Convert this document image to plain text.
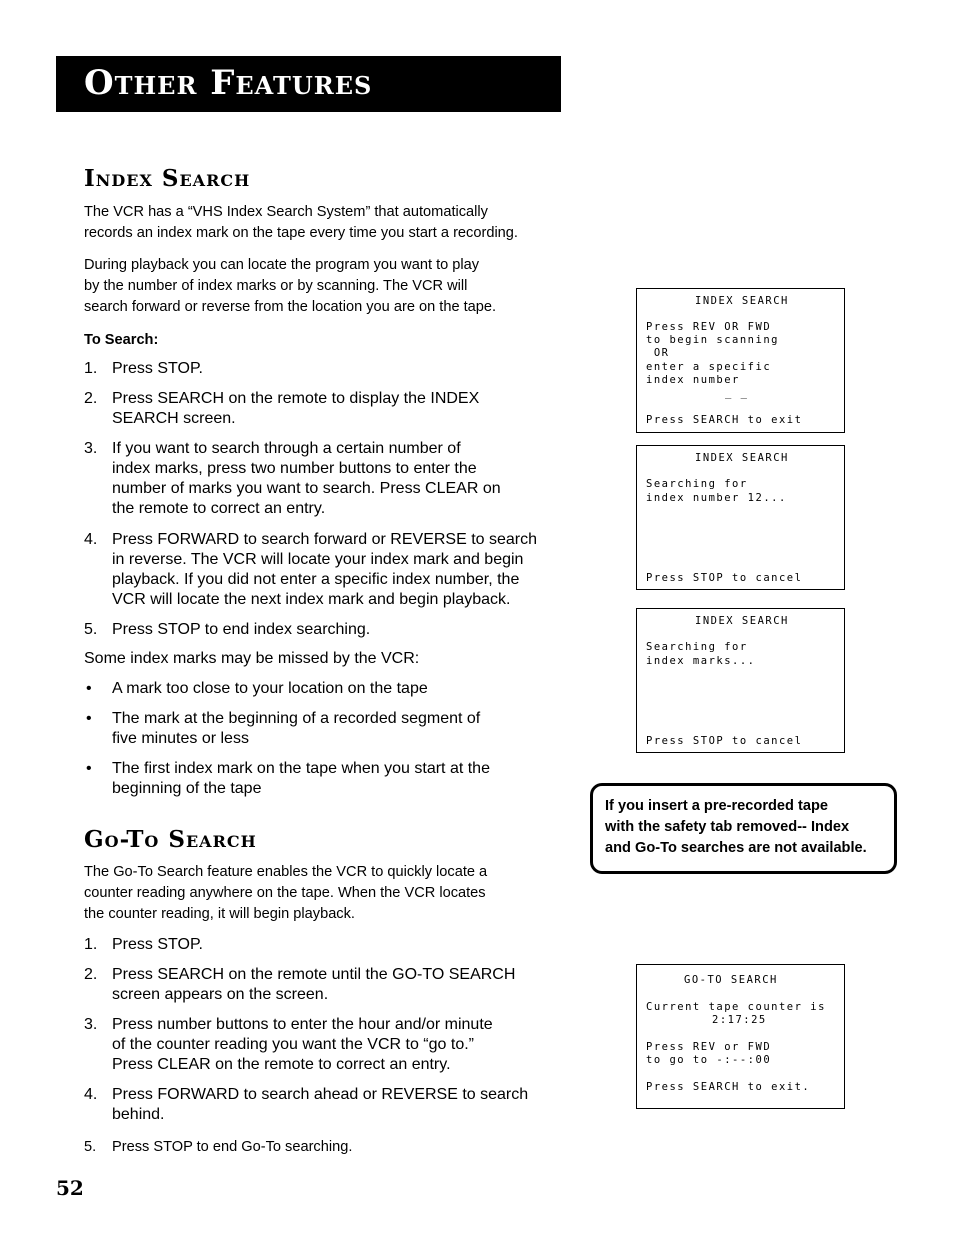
Other Features
Index Search
The VCR has a “VHS Index Search System” that automatically
records an index mark on the tape every time you start a recording.
During playback you can locate the program you want to play
by the number of index marks or by scanning. The VCR will
search forward or reverse from the location you are on the tape.
To Search:
1. Press STOP.
2. Press SEARCH on the remote to display the INDEX
SEARCH screen.
3. If you want to search through a certain number of
index marks, press two number buttons to enter the
number of marks you want to search. Press CLEAR on
the remote to correct an entry.
4. Press FORWARD to search forward or REVERSE to search
in reverse. The VCR will locate your index mark and begin
playback. If you did not enter a specific index number, the
VCR will locate the next index mark and begin playback.
5. Press STOP to end index searching.
Some index marks may be missed by the VCR:
• A mark too close to your location on the tape
• The mark at the beginning of a recorded segment of
five minutes or less
• The first index mark on the tape when you start at the
beginning of the tape
Go-To Search
The Go-To Search feature enables the VCR to quickly locate a
counter reading anywhere on the tape. When the VCR locates
the counter reading, it will begin playback.
1. Press STOP.
2. Press SEARCH on the remote until the GO-TO SEARCH
screen appears on the screen.
3. Press number buttons to enter the hour and/or minute
of the counter reading you want the VCR to “go to.”
Press CLEAR on the remote to correct an entry.
4. Press FORWARD to search ahead or REVERSE to search
behind.
5. Press STOP to end Go-To searching.

INDEX SEARCH

Press REV OR FWD

to begin scanning

OR

enter a specific

index number

_ _

Press SEARCH to exit

INDEX SEARCH

Searching for

index number 12...

Press STOP to cancel

INDEX SEARCH

Searching for

index marks...

Press STOP to cancel

GO-TO SEARCH

Current tape counter is

2:17:25

Press REV or FWD

to go to -:--:00

Press SEARCH to exit.

If you insert a pre-recorded tape
with the safety tab removed-- Index
and Go-To searches are not available.
52
